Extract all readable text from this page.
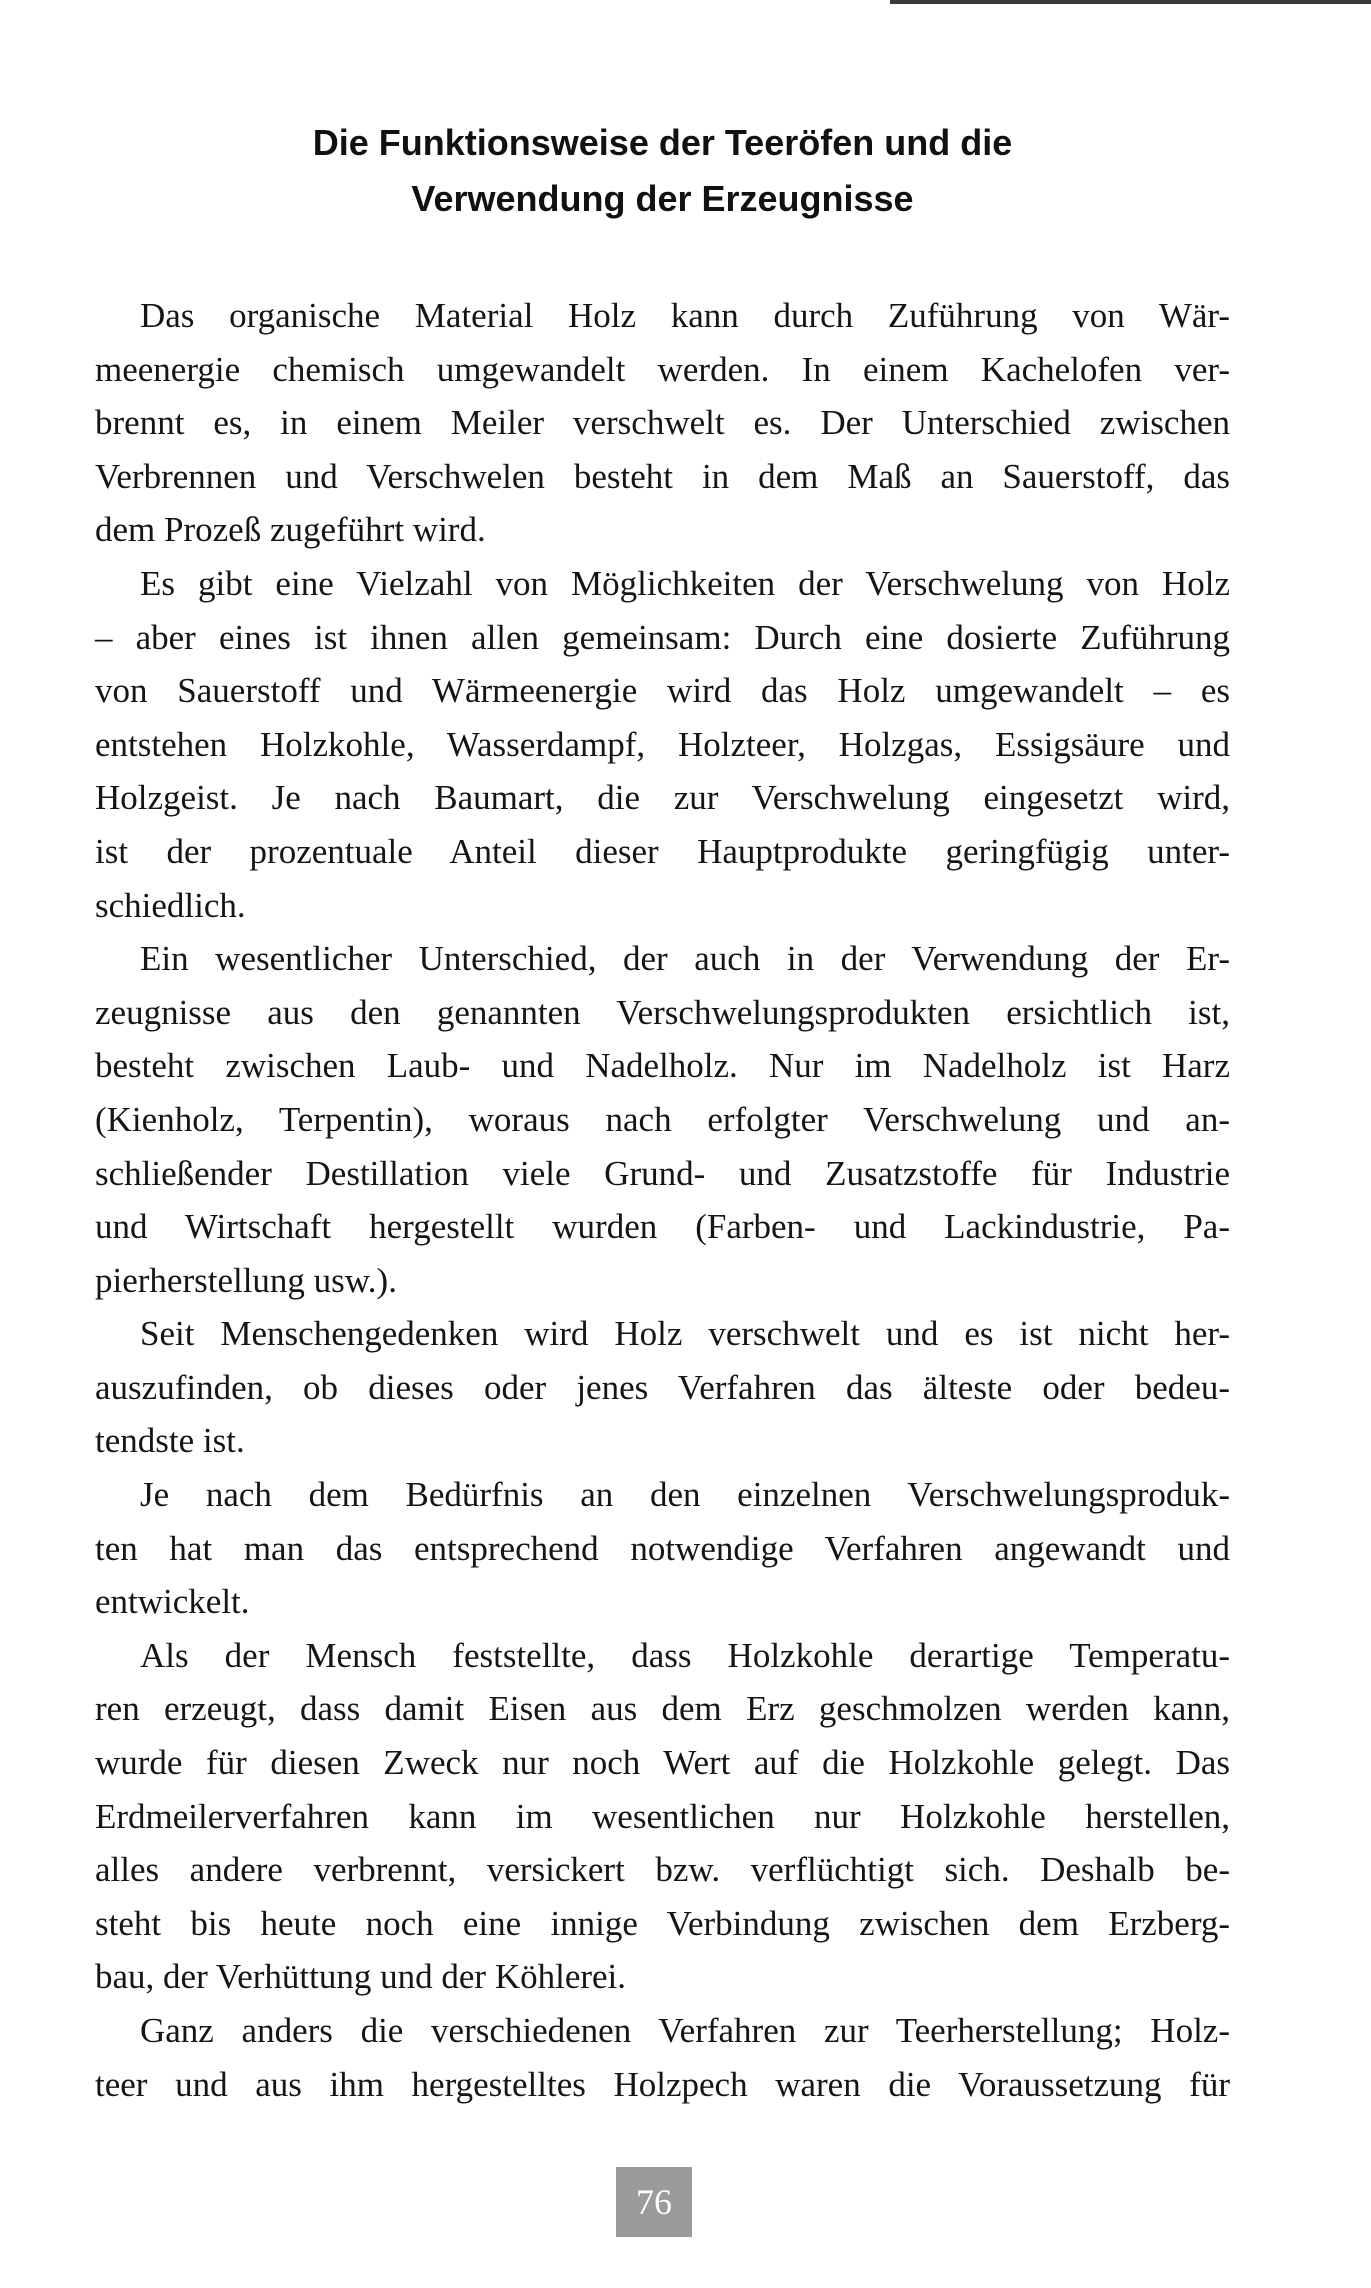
Die Funktionsweise der Teeröfen und die
Verwendung der Erzeugnisse

Das organische Material Holz kann durch Zuführung von Wär-
meenergie chemisch umgewandelt werden. In einem Kachelofen ver-
brennt es, in einem Meiler verschwelt es. Der Unterschied zwischen
Verbrennen und Verschwelen besteht in dem Maß an Sauerstoff, das
dem Prozeß zugeführt wird.

Es gibt eine Vielzahl von Möglichkeiten der Verschwelung von Holz
– aber eines ist ihnen allen gemeinsam: Durch eine dosierte Zuführung
von Sauerstoff und Wärmeenergie wird das Holz umgewandelt – es
entstehen Holzkohle, Wasserdampf, Holzteer, Holzgas, Essigsäure und
Holzgeist. Je nach Baumart, die zur Verschwelung eingesetzt wird,
ist der prozentuale Anteil dieser Hauptprodukte geringfügig unter-
schiedlich.

Ein wesentlicher Unterschied, der auch in der Verwendung der Er-
zeugnisse aus den genannten Verschwelungsprodukten ersichtlich ist,
besteht zwischen Laub- und Nadelholz. Nur im Nadelholz ist Harz
(Kienholz, Terpentin), woraus nach erfolgter Verschwelung und an-
schließender Destillation viele Grund- und Zusatzstoffe für Industrie
und Wirtschaft hergestellt wurden (Farben- und Lackindustrie, Pa-
pierherstellung usw.).

Seit Menschengedenken wird Holz verschwelt und es ist nicht her-
auszufinden, ob dieses oder jenes Verfahren das älteste oder bedeu-
tendste ist.

Je nach dem Bedürfnis an den einzelnen Verschwelungsproduk-
ten hat man das entsprechend notwendige Verfahren angewandt und
entwickelt.

Als der Mensch feststellte, dass Holzkohle derartige Temperatu-
ren erzeugt, dass damit Eisen aus dem Erz geschmolzen werden kann,
wurde für diesen Zweck nur noch Wert auf die Holzkohle gelegt. Das
Erdmeilerverfahren kann im wesentlichen nur Holzkohle herstellen,
alles andere verbrennt, versickert bzw. verflüchtigt sich. Deshalb be-
steht bis heute noch eine innige Verbindung zwischen dem Erzberg-
bau, der Verhüttung und der Köhlerei.

Ganz anders die verschiedenen Verfahren zur Teerherstellung; Holz-
teer und aus ihm hergestelltes Holzpech waren die Voraussetzung für

76
